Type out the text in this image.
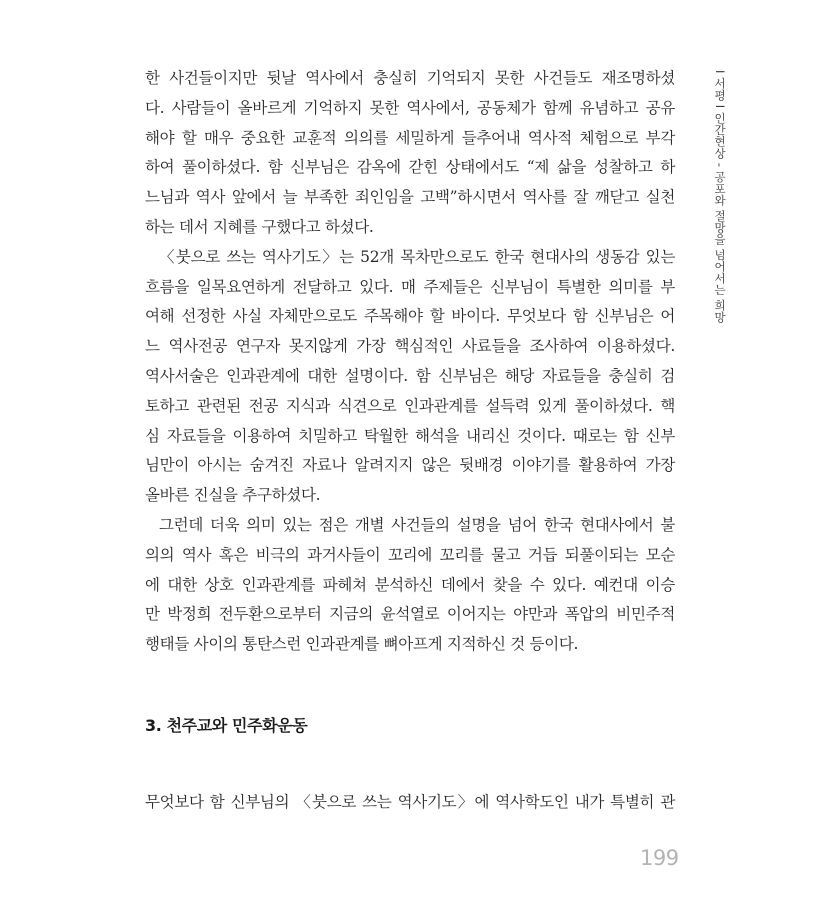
한 사건들이지만 뒷날 역사에서 충실히 기억되지 못한 사건들도 재조명하셨
다. 사람들이 올바르게 기억하지 못한 역사에서, 공동체가 함께 유념하고 공유
해야 할 매우 중요한 교훈적 의의를 세밀하게 들추어내 역사적 체험으로 부각
하여 풀이하셨다. 함 신부님은 감옥에 갇힌 상태에서도 “제 삶을 성찰하고 하
느님과 역사 앞에서 늘 부족한 죄인임을 고백”하시면서 역사를 잘 깨닫고 실천
하는 데서 지혜를 구했다고 하셨다.
〈붓으로 쓰는 역사기도〉는 52개 목차만으로도 한국 현대사의 생동감 있는
흐름을 일목요연하게 전달하고 있다. 매 주제들은 신부님이 특별한 의미를 부
여해 선정한 사실 자체만으로도 주목해야 할 바이다. 무엇보다 함 신부님은 어
느 역사전공 연구자 못지않게 가장 핵심적인 사료들을 조사하여 이용하셨다.
역사서술은 인과관계에 대한 설명이다. 함 신부님은 해당 자료들을 충실히 검
토하고 관련된 전공 지식과 식견으로 인과관계를 설득력 있게 풀이하셨다. 핵
심 자료들을 이용하여 치밀하고 탁월한 해석을 내리신 것이다. 때로는 함 신부
님만이 아시는 숨겨진 자료나 알려지지 않은 뒷배경 이야기를 활용하여 가장
올바른 진실을 추구하셨다.
그런데 더욱 의미 있는 점은 개별 사건들의 설명을 넘어 한국 현대사에서 불
의의 역사 혹은 비극의 과거사들이 꼬리에 꼬리를 물고 거듭 되풀이되는 모순
에 대한 상호 인과관계를 파헤쳐 분석하신 데에서 찾을 수 있다. 예컨대 이승
만 박정희 전두환으로부터 지금의 윤석열로 이어지는 야만과 폭압의 비민주적
행태들 사이의 통탄스런 인과관계를 뼈아프게 지적하신 것 등이다.
3. 천주교와 민주화운동
무엇보다 함 신부님의 〈붓으로 쓰는 역사기도〉에 역사학도인 내가 특별히 관
I 서평 I 인간현상 - 공포와 절망을 넘어서는 희망
199
